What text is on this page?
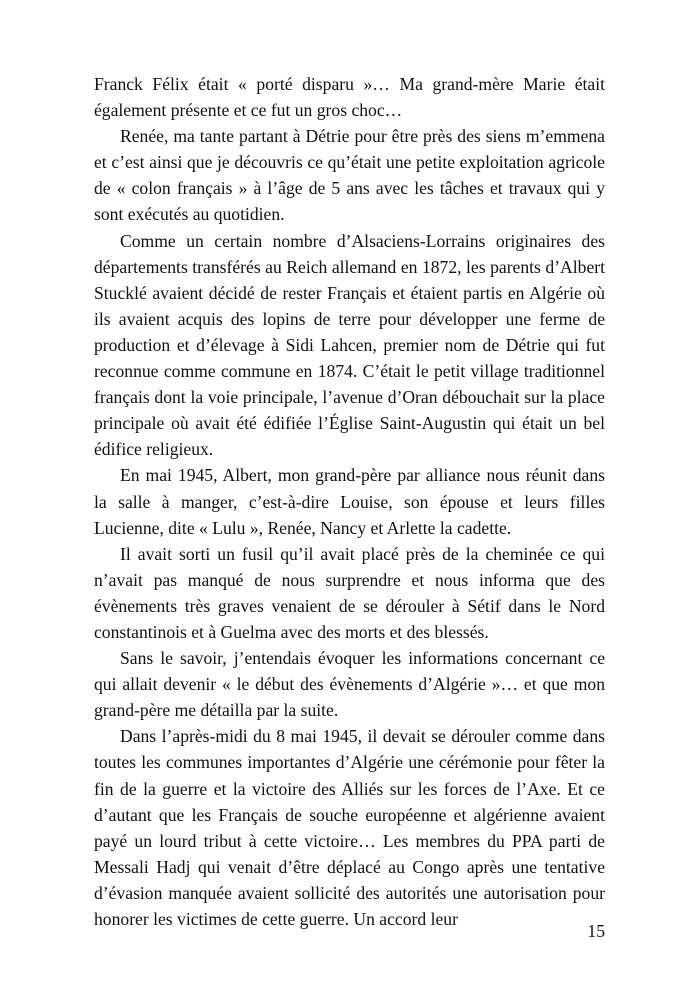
Franck Félix était « porté disparu »… Ma grand-mère Marie était également présente et ce fut un gros choc…

Renée, ma tante partant à Détrie pour être près des siens m’emmena et c’est ainsi que je découvris ce qu’était une petite exploitation agricole de « colon français » à l’âge de 5 ans avec les tâches et travaux qui y sont exécutés au quotidien.

Comme un certain nombre d’Alsaciens-Lorrains originaires des départements transférés au Reich allemand en 1872, les parents d’Albert Stucklé avaient décidé de rester Français et étaient partis en Algérie où ils avaient acquis des lopins de terre pour développer une ferme de production et d’élevage à Sidi Lahcen, premier nom de Détrie qui fut reconnue comme commune en 1874. C’était le petit village traditionnel français dont la voie principale, l’avenue d’Oran débouchait sur la place principale où avait été édifiée l’Église Saint-Augustin qui était un bel édifice religieux.

En mai 1945, Albert, mon grand-père par alliance nous réunit dans la salle à manger, c’est-à-dire Louise, son épouse et leurs filles Lucienne, dite « Lulu », Renée, Nancy et Arlette la cadette.

Il avait sorti un fusil qu’il avait placé près de la cheminée ce qui n’avait pas manqué de nous surprendre et nous informa que des évènements très graves venaient de se dérouler à Sétif dans le Nord constantinois et à Guelma avec des morts et des blessés.

Sans le savoir, j’entendais évoquer les informations concernant ce qui allait devenir « le début des évènements d’Algérie »… et que mon grand-père me détailla par la suite.

Dans l’après-midi du 8 mai 1945, il devait se dérouler comme dans toutes les communes importantes d’Algérie une cérémonie pour fêter la fin de la guerre et la victoire des Alliés sur les forces de l’Axe. Et ce d’autant que les Français de souche européenne et algérienne avaient payé un lourd tribut à cette victoire… Les membres du PPA parti de Messali Hadj qui venait d’être déplacé au Congo après une tentative d’évasion manquée avaient sollicité des autorités une autorisation pour honorer les victimes de cette guerre. Un accord leur

15
